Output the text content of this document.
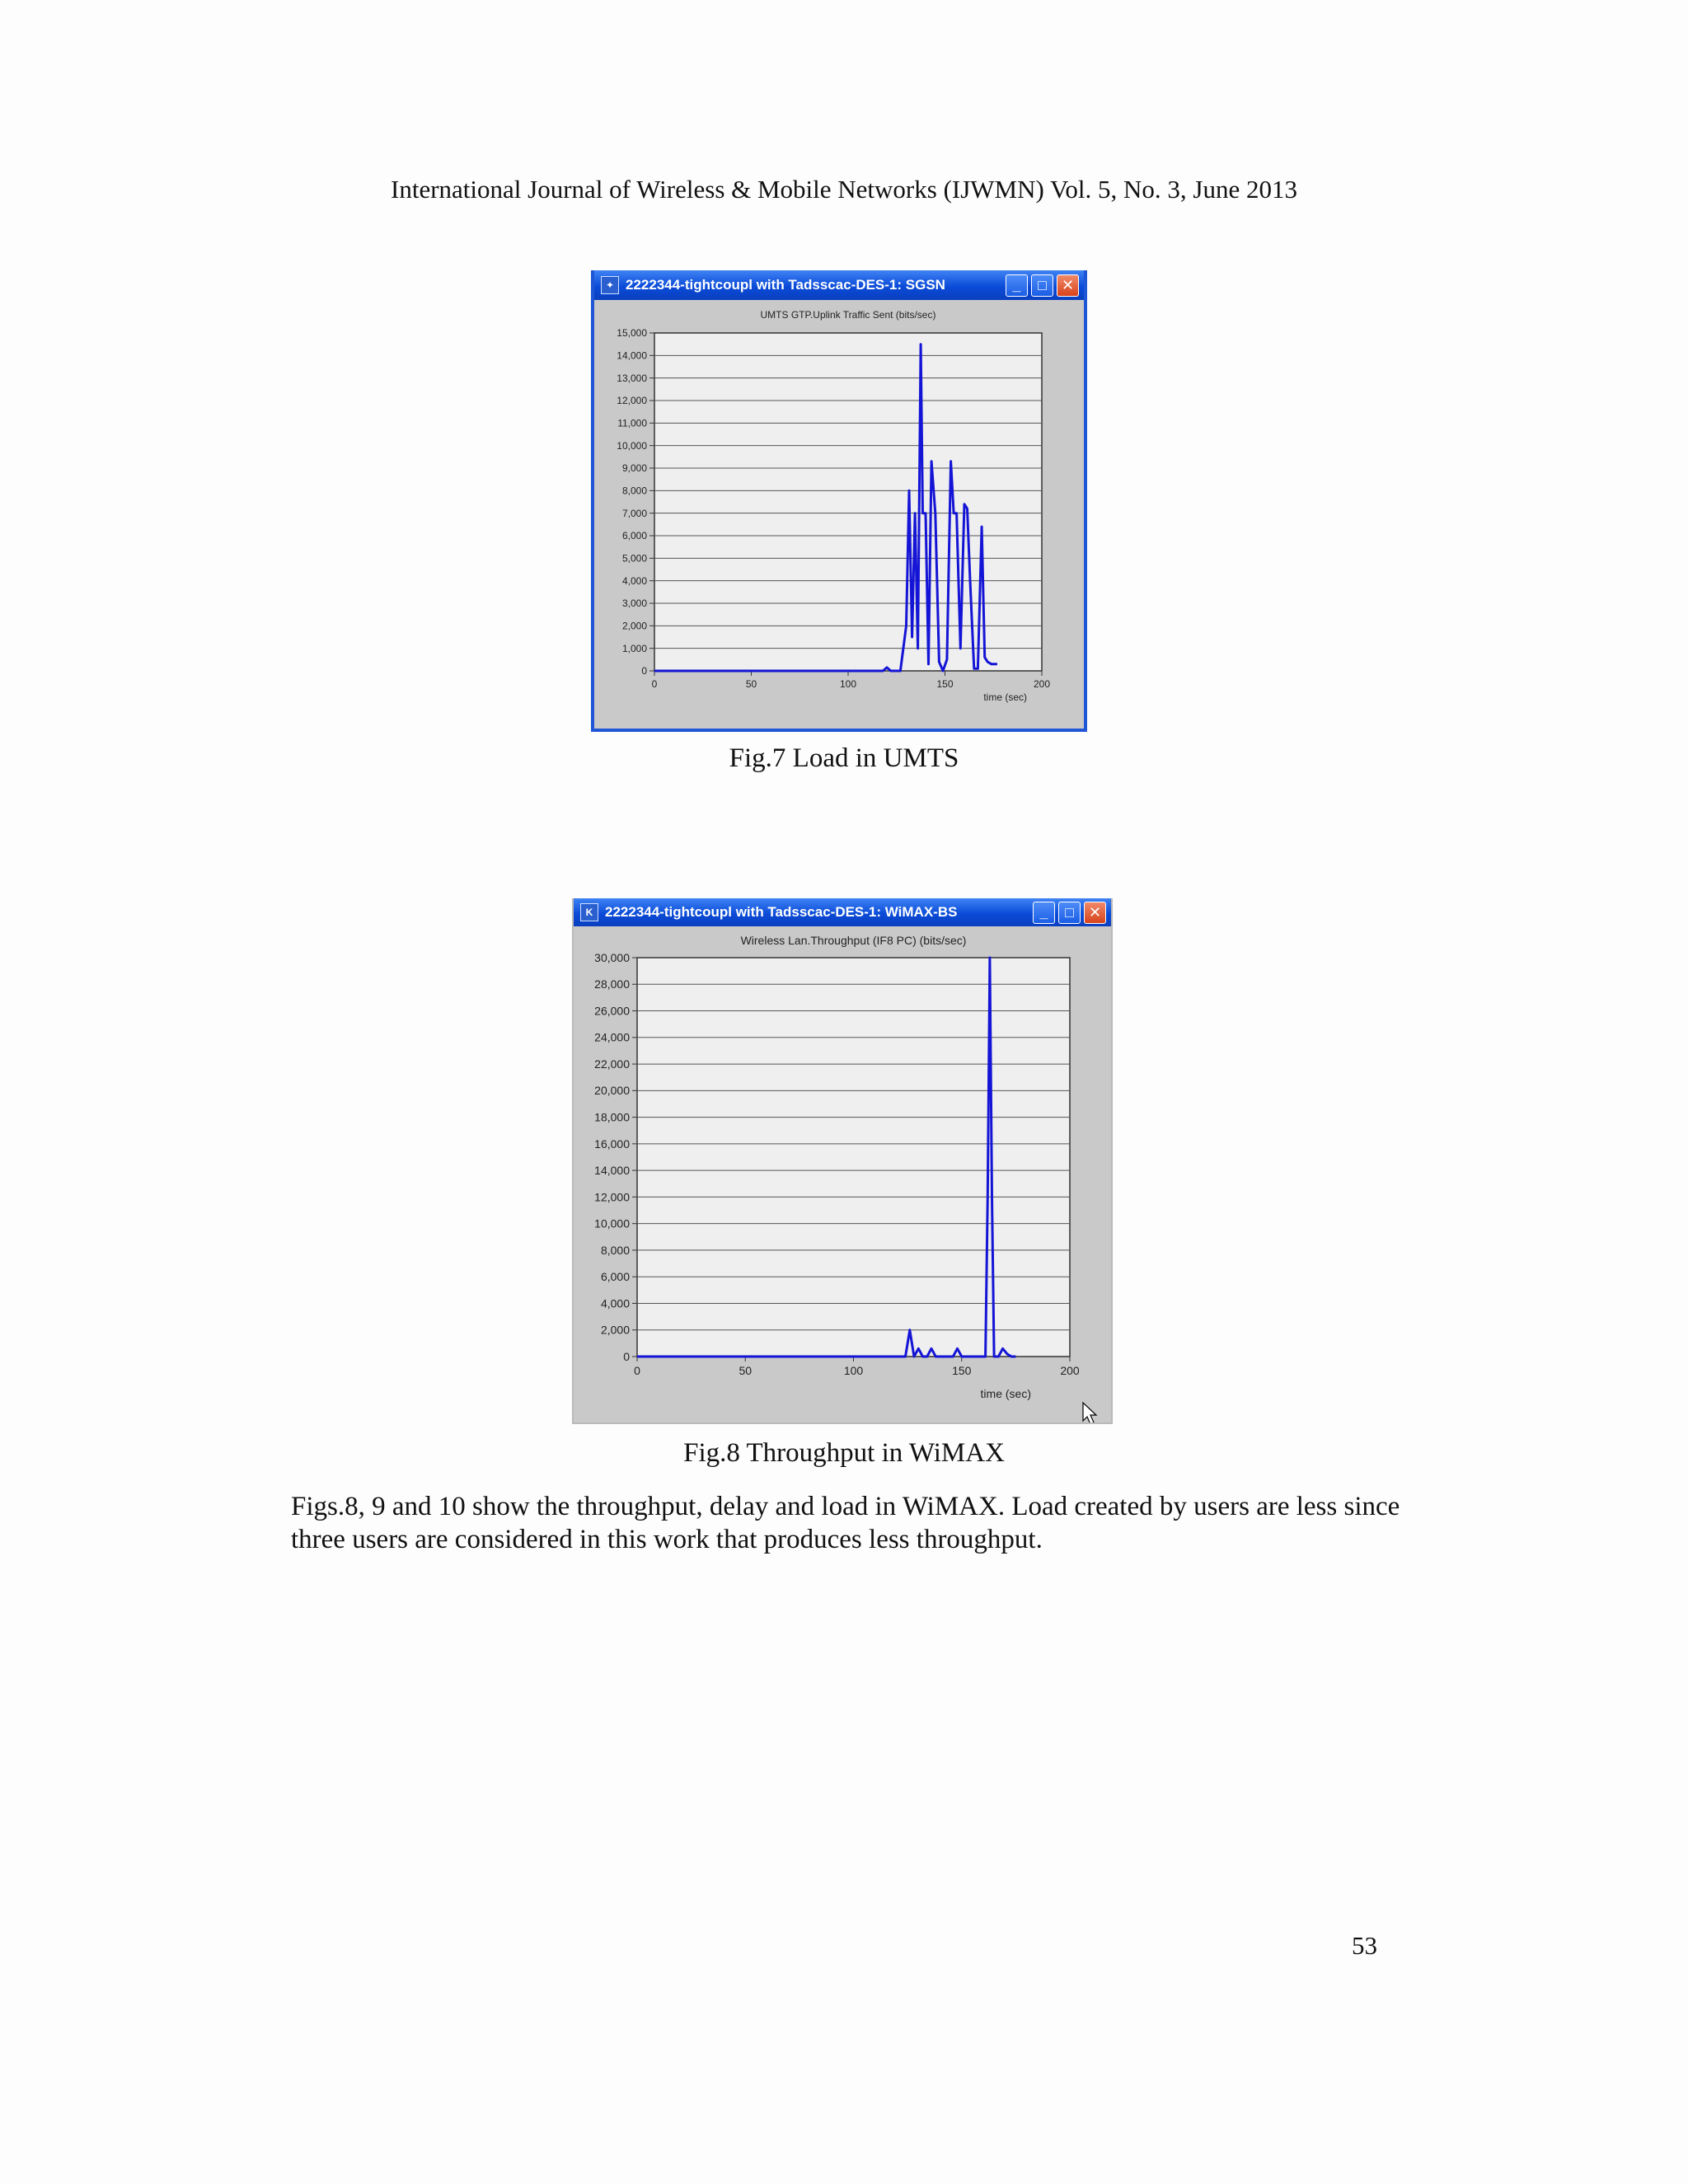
International Journal of Wireless & Mobile Networks (IJWMN) Vol. 5, No. 3, June 2013
✦ 2222344-tightcoupl with Tadsscac-DES-1: SGSN	_	□	✕
UMTS GTP.Uplink Traffic Sent (bits/sec)
0
1,000
2,000
3,000
4,000
5,000
6,000
7,000
8,000
9,000
10,000
11,000
12,000
13,000
14,000
15,000
0	50	100	150	200
time (sec)
Fig.7 Load in UMTS
K 2222344-tightcoupl with Tadsscac-DES-1: WiMAX-BS	_	□	✕
Wireless Lan.Throughput (IF8 PC) (bits/sec)
0
2,000
4,000
6,000
8,000
10,000
12,000
14,000
16,000
18,000
20,000
22,000
24,000
26,000
28,000
30,000
0	50	100	150	200
time (sec)
Fig.8 Throughput in WiMAX
Figs.8, 9 and 10 show the throughput, delay and load in WiMAX. Load created by users are less since three users are considered in this work that produces less throughput.
53
